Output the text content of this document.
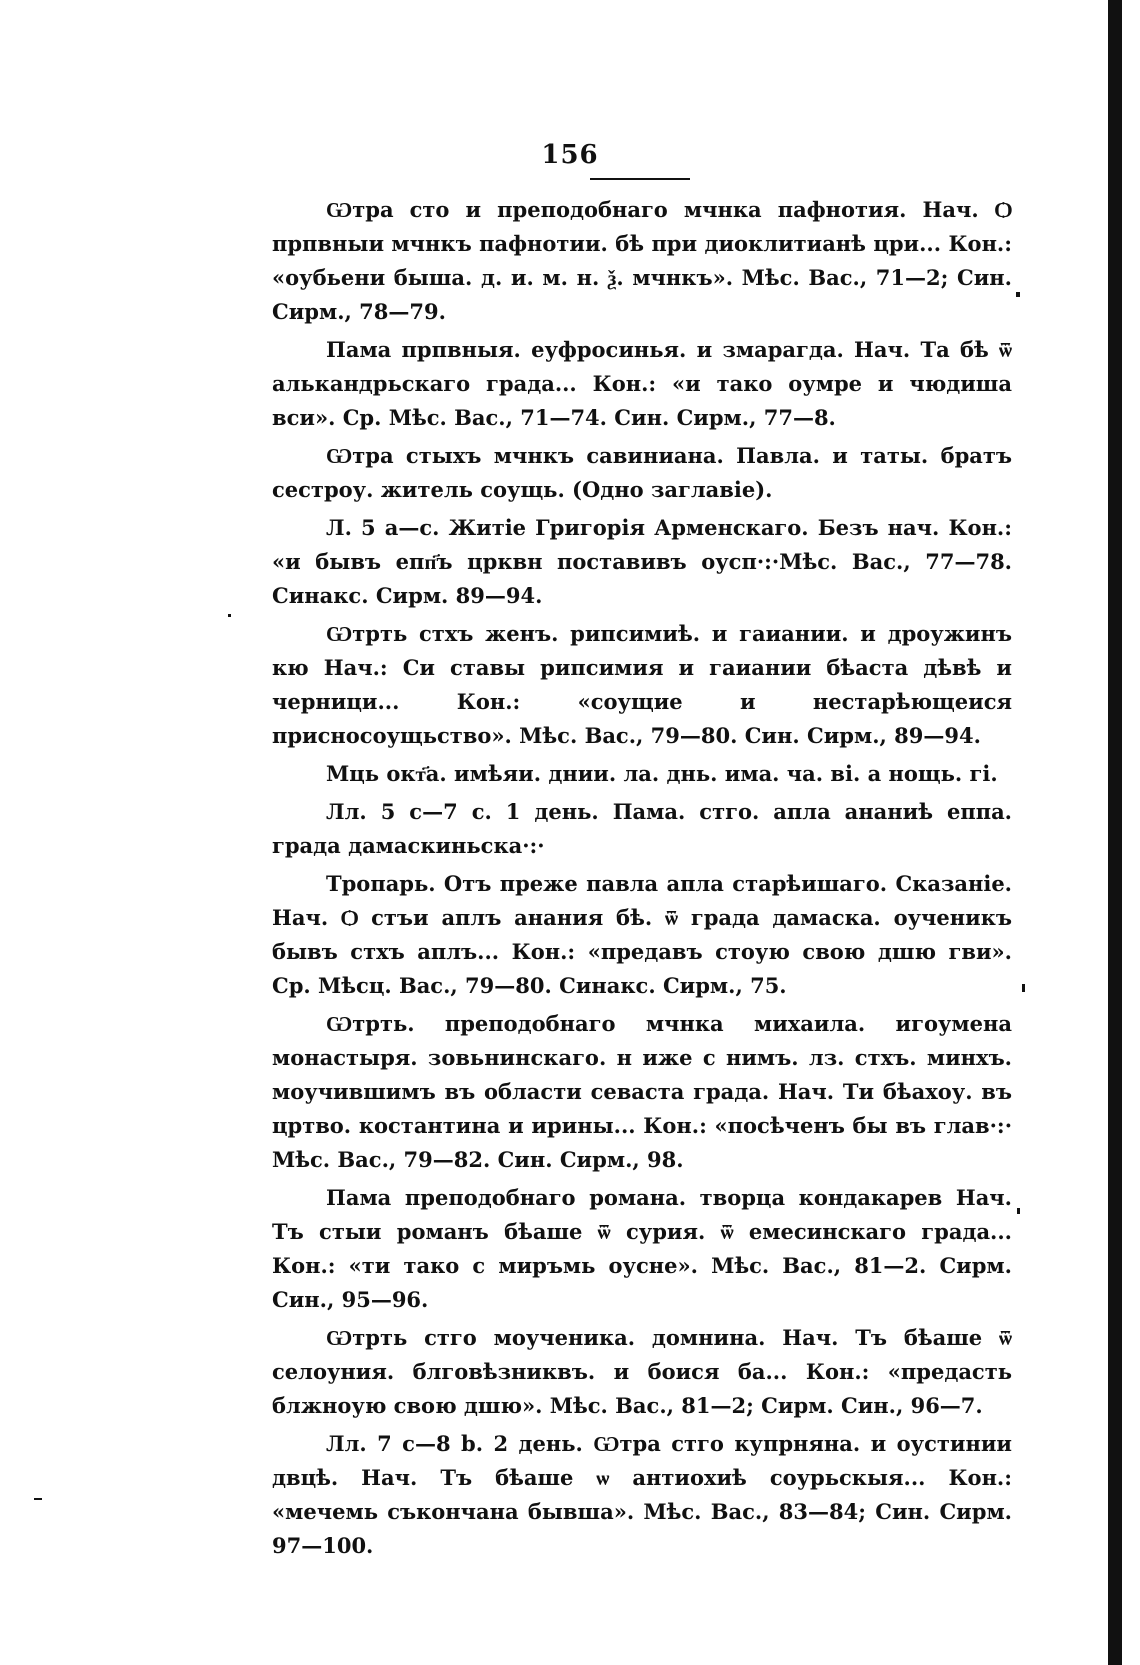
156

Ѡтра сто и преподобнаго мчнка пафнотия. Нач. Ѻ прпвныи мчнкъ пафнотии. бѣ при диоклитианѣ цри... Кон.: «оубьени быша. д. и. м. н. ѯ. мчнкъ». Мѣс. Вас., 71—2; Син. Сирм., 78—79.

Пама прпвныя. еуфросинья. и змарагда. Нач. Та бѣ ѿ алькандрьскаго града... Кон.: «и тако оумре и чюдиша вси». Ср. Мѣс. Вас., 71—74. Син. Сирм., 77—8.

Ѡтра стыхъ мчнкъ савиниана. Павла. и таты. братъ сестроу. житель соущь. (Одно заглавіе).

Л. 5 а—с. Житіе Григорія Арменскаго. Безъ нач. Кон.: «и бывъ епп҃ъ црквн поставивъ оусп·:·Мѣс. Вас., 77—78. Синакс. Сирм. 89—94.

Ѡтрть стхъ женъ. рипсимиѣ. и гаиании. и дроужинъ кю Нач.: Си ставы рипсимия и гаиании бѣаста дѣвѣ и черници... Кон.: «соущие и нестарѣющеися присносоущьство». Мѣс. Вас., 79—80. Син. Сирм., 89—94.

Мць окт҃а. имѣяи. днии. ла. днь. има. ча. ві. а нощь. гі.

Лл. 5 с—7 с. 1 день. Пама. стго. апла ананиѣ еппа. града дамаскиньска·:·

Тропарь. Отъ преже павла апла старѣишаго. Сказаніе. Нач. Ѻ стъи аплъ анания бѣ. ѿ града дамаска. оученикъ бывъ стхъ аплъ... Кон.: «предавъ стоую свою дшю гви». Ср. Мѣсц. Вас., 79—80. Синакс. Сирм., 75.

Ѡтрть. преподобнаго мчнка михаила. игоумена монастыря. зовьнинскаго. н иже с нимъ. лз. стхъ. минхъ. моучившимъ въ области севаста града. Нач. Ти бѣахоу. въ цртво. костантина и ирины... Кон.: «посѣченъ бы въ глав·:· Мѣс. Вас., 79—82. Син. Сирм., 98.

Пама преподобнаго романа. творца кондакарев Нач. Тъ стыи романъ бѣаше ѿ сурия. ѿ емесинскаго града... Кон.: «ти тако с миръмь оусне». Мѣс. Вас., 81—2. Сирм. Син., 95—96.

Ѡтрть стго моученика. домнина. Нач. Тъ бѣаше ѿ селоуния. блговѣзниквъ. и боися ба... Кон.: «предасть блжноую свою дшю». Мѣс. Вас., 81—2; Сирм. Син., 96—7.

Лл. 7 с—8 b. 2 день. Ѡтра стго купрняна. и оустинии двцѣ. Нач. Тъ бѣаше ѡ антиохиѣ соурьскыя... Кон.: «мечемь съкончана бывша». Мѣс. Вас., 83—84; Син. Сирм. 97—100.
